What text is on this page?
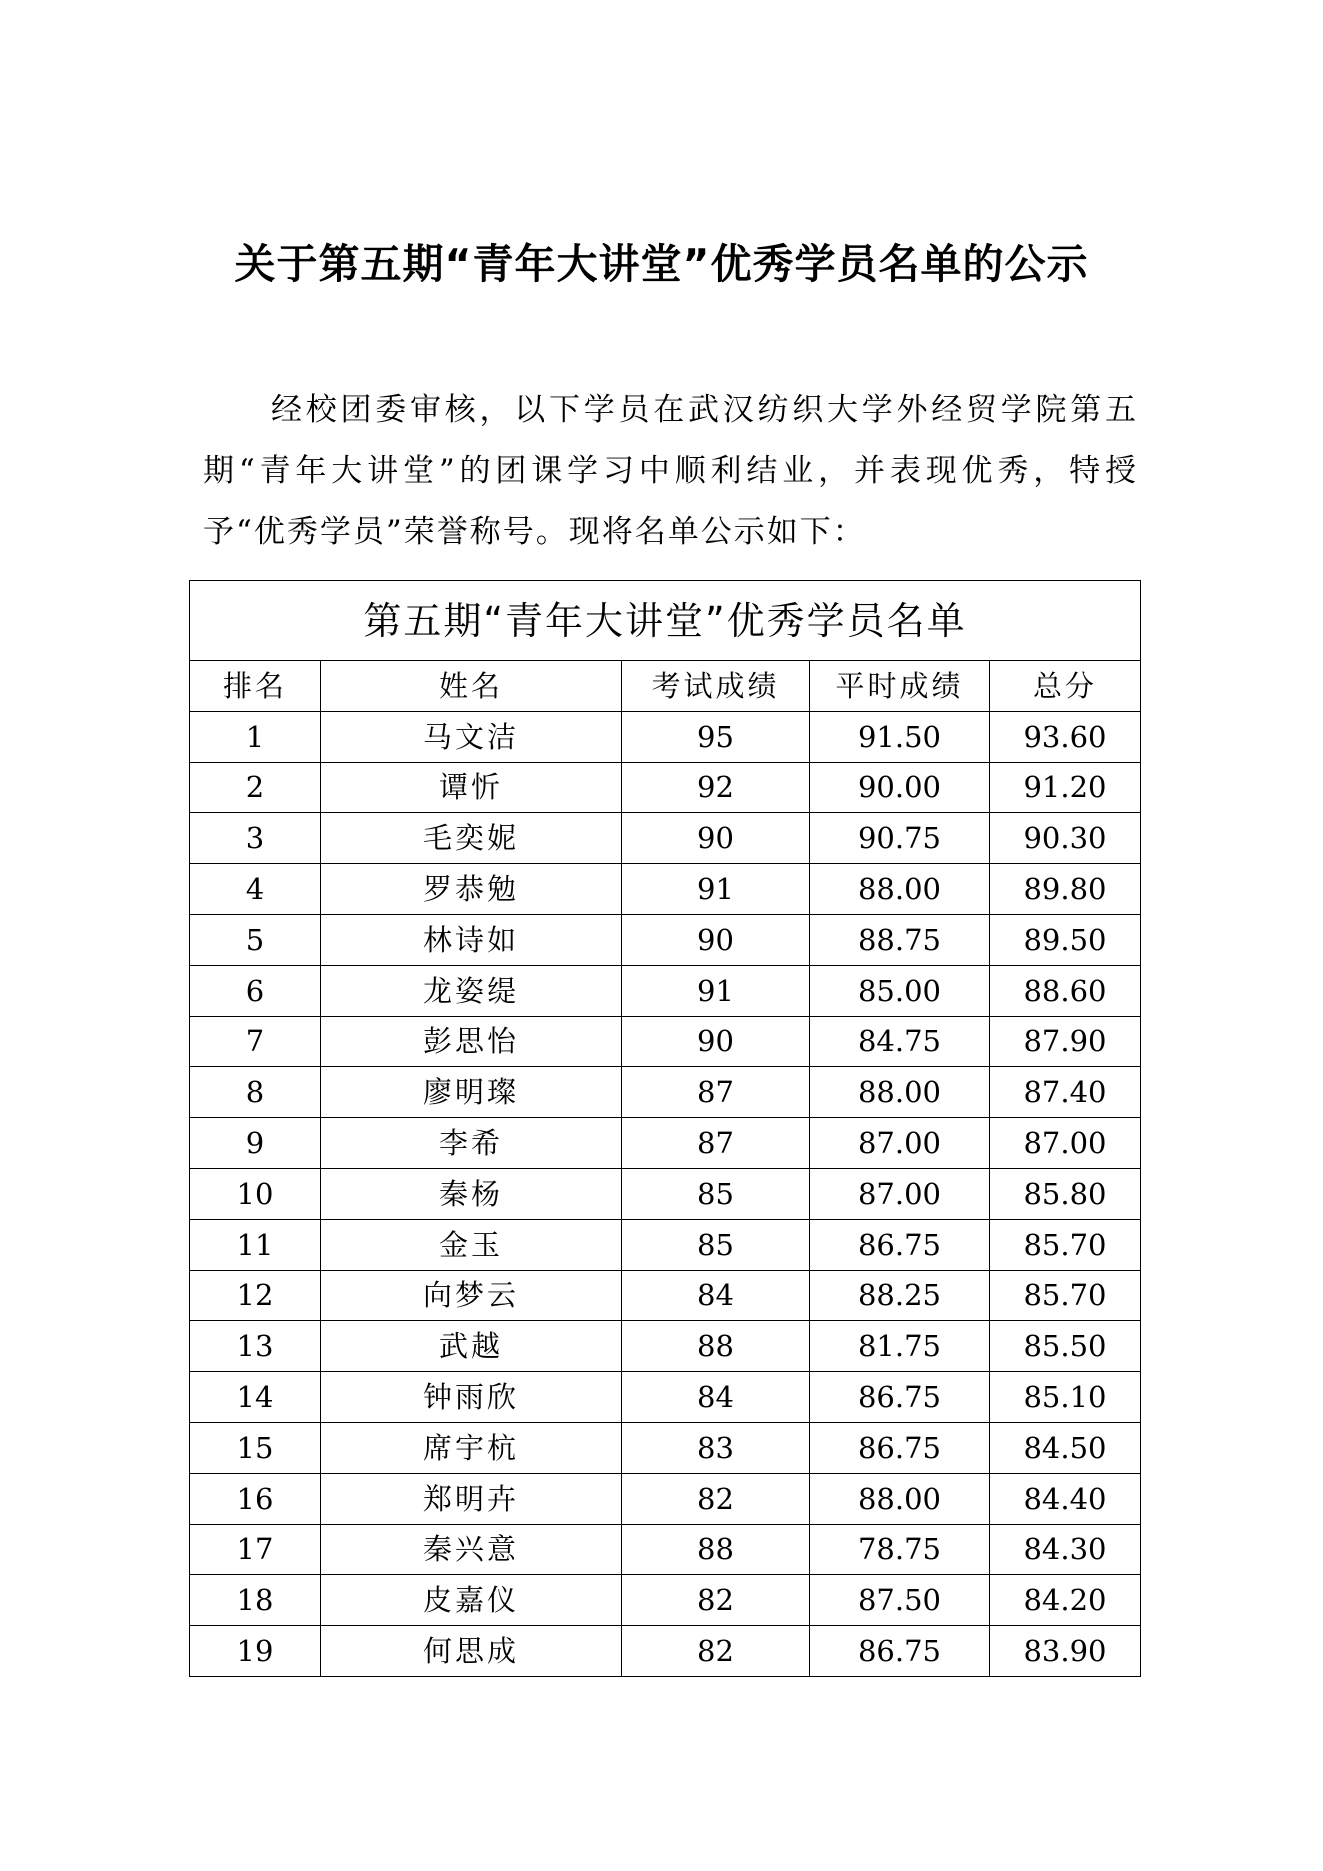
关于第五期“青年大讲堂”优秀学员名单的公示

经校团委审核，以下学员在武汉纺织大学外经贸学院第五期“青年大讲堂”的团课学习中顺利结业，并表现优秀，特授予“优秀学员”荣誉称号。现将名单公示如下：

第五期“青年大讲堂”优秀学员名单				
排名	姓名	考试成绩	平时成绩	总分
1	马文洁	95	91.50	93.60
2	谭忻	92	90.00	91.20
3	毛奕妮	90	90.75	90.30
4	罗恭勉	91	88.00	89.80
5	林诗如	90	88.75	89.50
6	龙姿缇	91	85.00	88.60
7	彭思怡	90	84.75	87.90
8	廖明璨	87	88.00	87.40
9	李希	87	87.00	87.00
10	秦杨	85	87.00	85.80
11	金玉	85	86.75	85.70
12	向梦云	84	88.25	85.70
13	武越	88	81.75	85.50
14	钟雨欣	84	86.75	85.10
15	席宇杭	83	86.75	84.50
16	郑明卉	82	88.00	84.40
17	秦兴意	88	78.75	84.30
18	皮嘉仪	82	87.50	84.20
19	何思成	82	86.75	83.90
